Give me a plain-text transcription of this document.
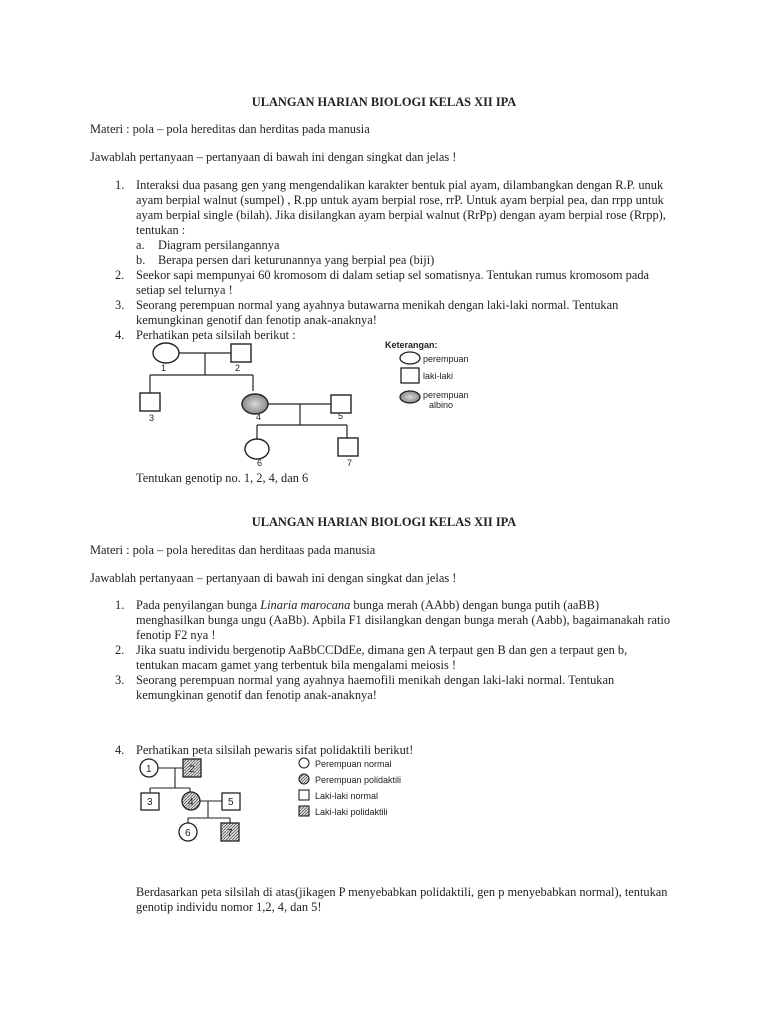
ULANGAN HARIAN BIOLOGI KELAS XII IPA
Materi : pola – pola hereditas dan herditas pada manusia
Jawablah pertanyaan – pertanyaan di bawah ini dengan singkat dan jelas !
1. Interaksi dua pasang gen yang mengendalikan karakter bentuk pial ayam, dilambangkan dengan R.P. unuk
ayam berpial walnut (sumpel) , R.pp untuk ayam berpial rose, rrP. Untuk ayam berpial pea, dan rrpp untuk
ayam berpial single (bilah). Jika disilangkan ayam berpial walnut (RrPp) dengan ayam berpial rose (Rrpp),
tentukan :
a.	Diagram persilangannya
b.	Berapa persen dari keturunannya yang berpial pea (biji)
2. Seekor sapi mempunyai 60 kromosom di dalam setiap sel somatisnya. Tentukan rumus kromosom pada
setiap sel telurnya !
3. Seorang perempuan normal yang ayahnya butawarna menikah dengan laki-laki normal. Tentukan
kemungkinan genotif dan fenotip anak-anaknya!
4. Perhatikan peta silsilah berikut :
1	2
3	4	5
6	7
Keterangan:
perempuan
laki-laki
perempuan
albino
Tentukan genotip no. 1, 2, 4, dan 6
ULANGAN HARIAN BIOLOGI KELAS XII IPA
Materi : pola – pola hereditas dan herditaas pada manusia
Jawablah pertanyaan – pertanyaan di bawah ini dengan singkat dan jelas !
1. Pada penyilangan bunga Linaria marocana bunga merah (AAbb) dengan bunga putih (aaBB)
menghasilkan bunga ungu (AaBb). Apbila F1 disilangkan dengan bunga merah (Aabb), bagaimanakah ratio
fenotip F2 nya !
2. Jika suatu individu bergenotip AaBbCCDdEe, dimana gen A terpaut gen B dan gen a terpaut gen b,
tentukan macam gamet yang terbentuk bila mengalami meiosis !
3. Seorang perempuan normal yang ayahnya haemofili menikah dengan laki-laki normal. Tentukan
kemungkinan genotif dan fenotip anak-anaknya!
4. Perhatikan peta silsilah pewaris sifat polidaktili berikut!
1	2
3	4	5
6	7
Perempuan normal
Perempuan polidaktili
Laki-laki normal
Laki-laki polidaktili
Berdasarkan peta silsilah di atas(jikagen P menyebabkan polidaktili, gen p menyebabkan normal), tentukan
genotip individu nomor 1,2, 4, dan 5!
